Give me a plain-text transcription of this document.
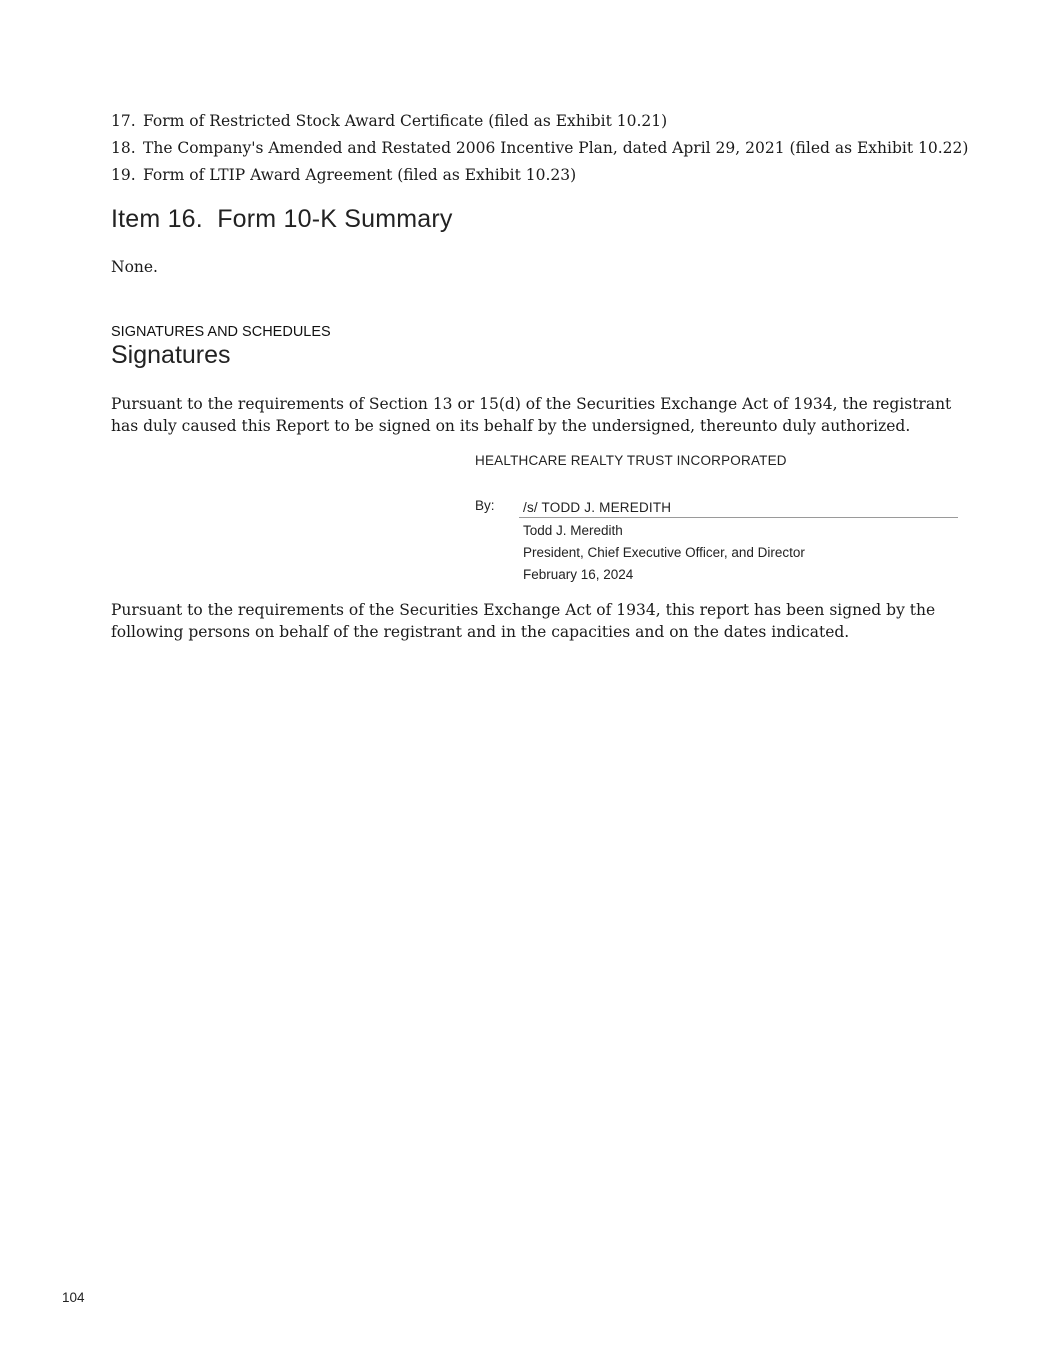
17. Form of Restricted Stock Award Certificate (filed as Exhibit 10.21)
18. The Company's Amended and Restated 2006 Incentive Plan, dated April 29, 2021 (filed as Exhibit 10.22)
19. Form of LTIP Award Agreement (filed as Exhibit 10.23)
Item 16.  Form 10-K Summary

None.

SIGNATURES AND SCHEDULES

Signatures

Pursuant to the requirements of Section 13 or 15(d) of the Securities Exchange Act of 1934, the registrant has duly caused this Report to be signed on its behalf by the undersigned, thereunto duly authorized.

HEALTHCARE REALTY TRUST INCORPORATED

By: /s/ TODD J. MEREDITH
Todd J. Meredith
President, Chief Executive Officer, and Director
February 16, 2024

Pursuant to the requirements of the Securities Exchange Act of 1934, this report has been signed by the following persons on behalf of the registrant and in the capacities and on the dates indicated.

104
